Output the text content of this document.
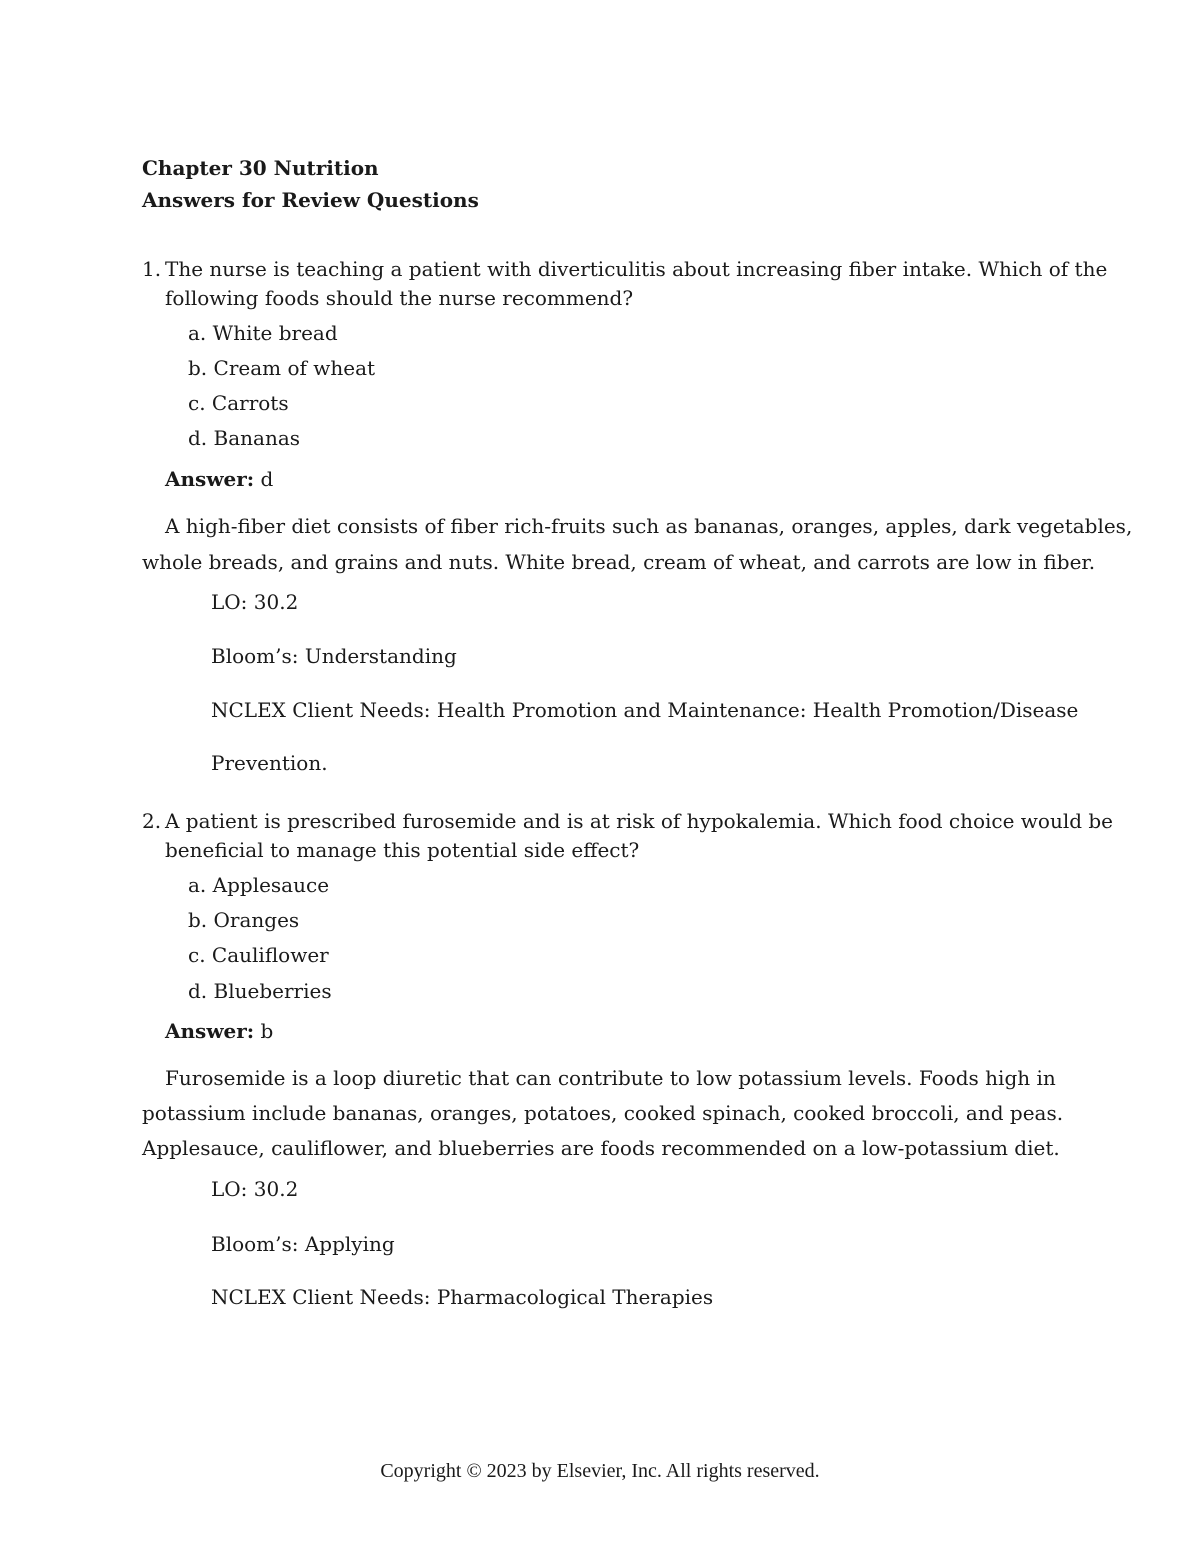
Chapter 30 Nutrition
Answers for Review Questions
1. The nurse is teaching a patient with diverticulitis about increasing fiber intake. Which of the
following foods should the nurse recommend?
a. White bread
b. Cream of wheat
c. Carrots
d. Bananas
Answer: d
A high-fiber diet consists of fiber rich-fruits such as bananas, oranges, apples, dark vegetables,
whole breads, and grains and nuts. White bread, cream of wheat, and carrots are low in fiber.
LO: 30.2
Bloom’s: Understanding
NCLEX Client Needs: Health Promotion and Maintenance: Health Promotion/Disease
Prevention.
2. A patient is prescribed furosemide and is at risk of hypokalemia. Which food choice would be
beneficial to manage this potential side effect?
a. Applesauce
b. Oranges
c. Cauliflower
d. Blueberries
Answer: b
Furosemide is a loop diuretic that can contribute to low potassium levels. Foods high in
potassium include bananas, oranges, potatoes, cooked spinach, cooked broccoli, and peas.
Applesauce, cauliflower, and blueberries are foods recommended on a low-potassium diet.
LO: 30.2
Bloom’s: Applying
NCLEX Client Needs: Pharmacological Therapies
Copyright © 2023 by Elsevier, Inc. All rights reserved.
